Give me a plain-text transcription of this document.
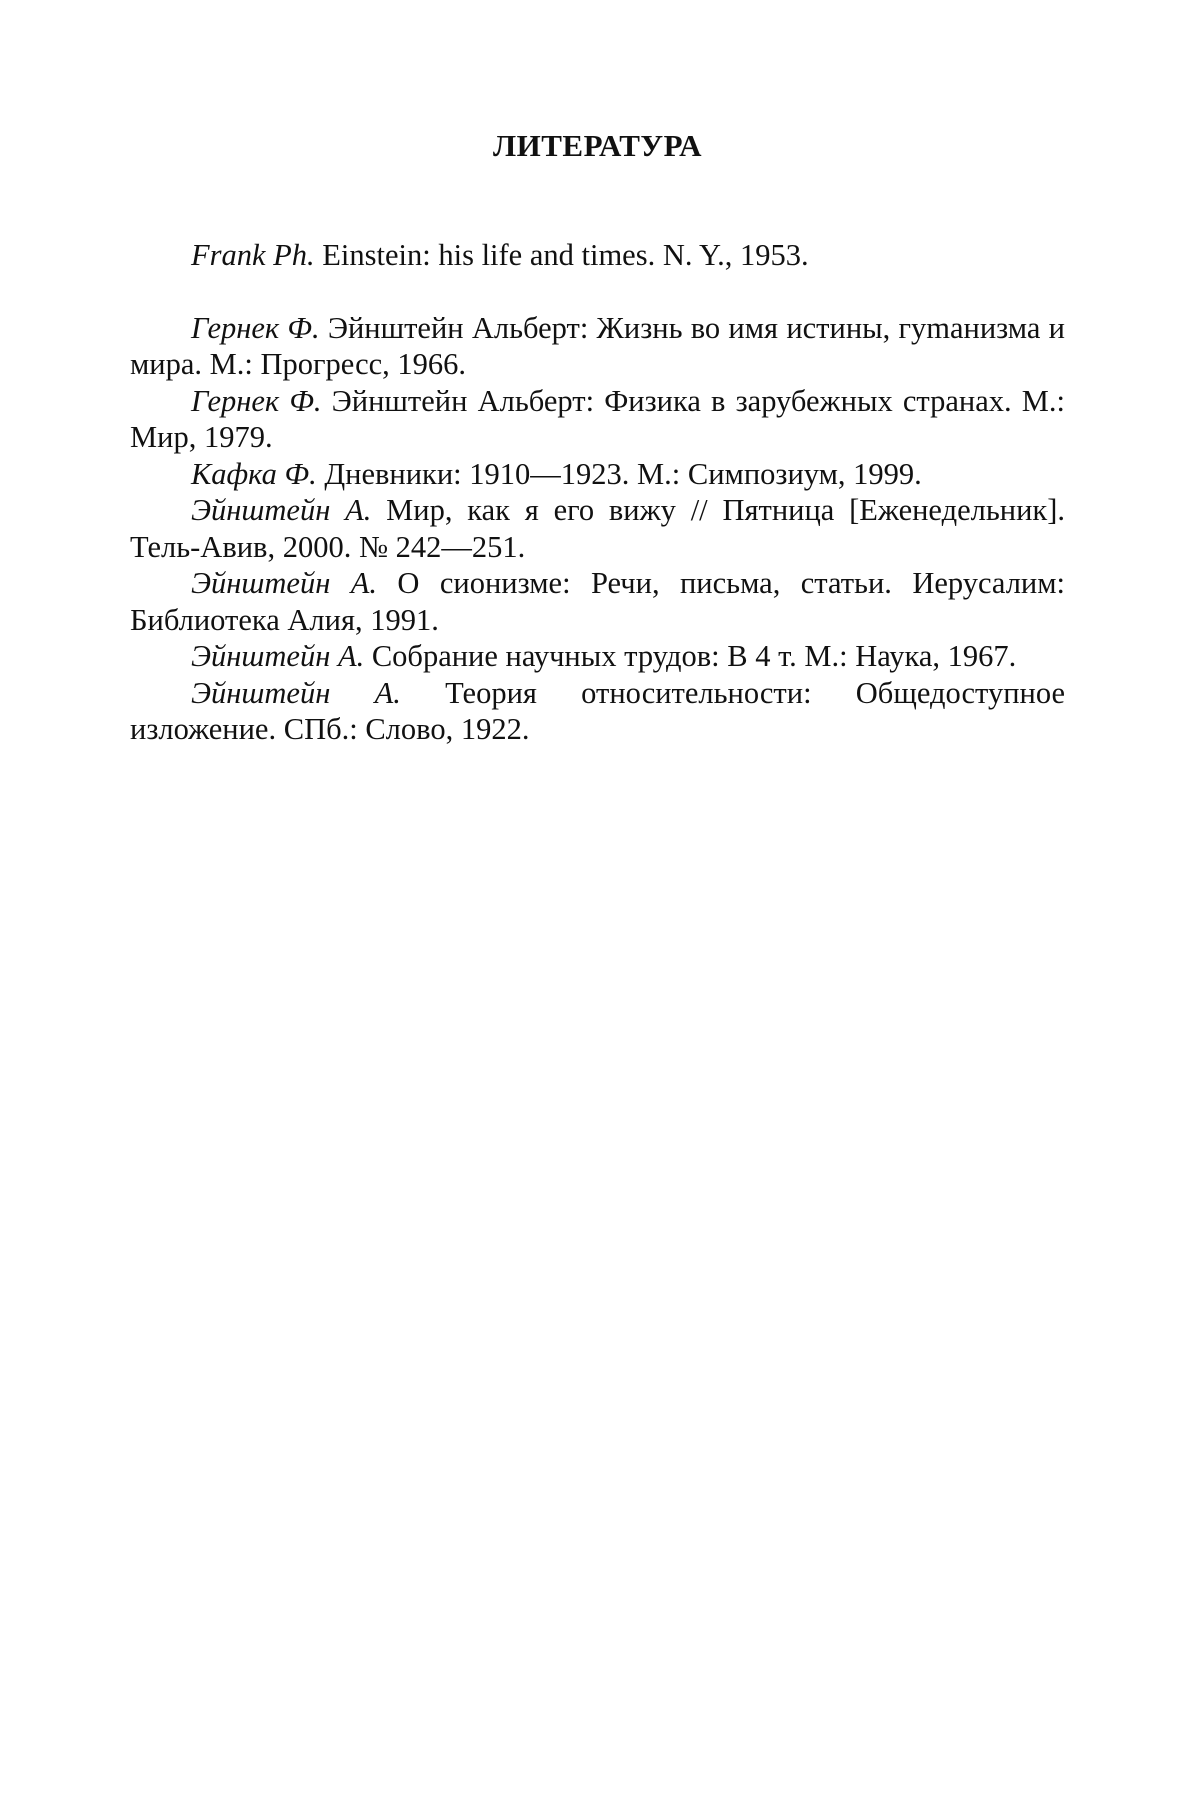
ЛИТЕРАТУРА
Frank Ph. Einstein: his life and times. N. Y., 1953.
Гернек Ф. Эйнштейн Альберт: Жизнь во имя истины, гуmанизма и мира. М.: Прогресс, 1966.
Гернек Ф. Эйнштейн Альберт: Физика в зарубежных странах. М.: Мир, 1979.
Кафка Ф. Дневники: 1910—1923. М.: Симпозиум, 1999.
Эйнштейн А. Мир, как я его вижу // Пятница [Еженедельник]. Тель-Авив, 2000. № 242—251.
Эйнштейн А. О сионизме: Речи, письма, статьи. Иерусалим: Библиотека Алия, 1991.
Эйнштейн А. Собрание научных трудов: В 4 т. М.: Наука, 1967.
Эйнштейн А. Теория относительности: Общедоступное изложение. СПб.: Слово, 1922.
